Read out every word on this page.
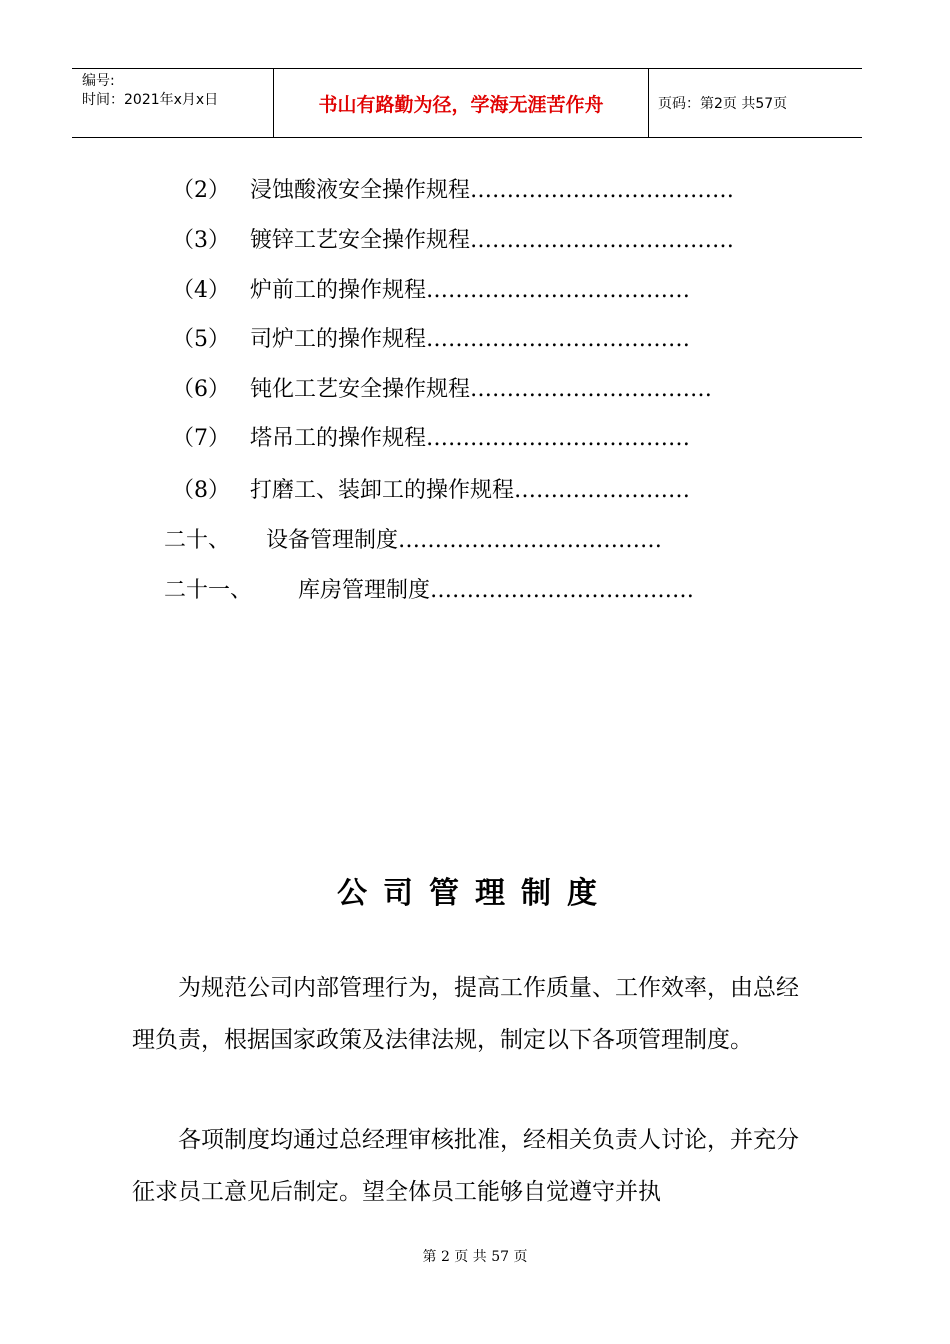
编号:
时间：2021年x月x日	书山有路勤为径，学海无涯苦作舟	页码：第2页 共57页
（2） 浸蚀酸液安全操作规程………………………………
（3） 镀锌工艺安全操作规程………………………………
（4） 炉前工的操作规程………………………………
（5） 司炉工的操作规程………………………………
（6） 钝化工艺安全操作规程……………………………
（7） 塔吊工的操作规程………………………………
（8） 打磨工、装卸工的操作规程……………………
二十、 设备管理制度………………………………
二十一、 库房管理制度………………………………
公司管理制度
为规范公司内部管理行为，提高工作质量、工作效率，由总经理负责，根据国家政策及法律法规，制定以下各项管理制度。
各项制度均通过总经理审核批准，经相关负责人讨论，并充分征求员工意见后制定。望全体员工能够自觉遵守并执
第 2 页 共 57 页
